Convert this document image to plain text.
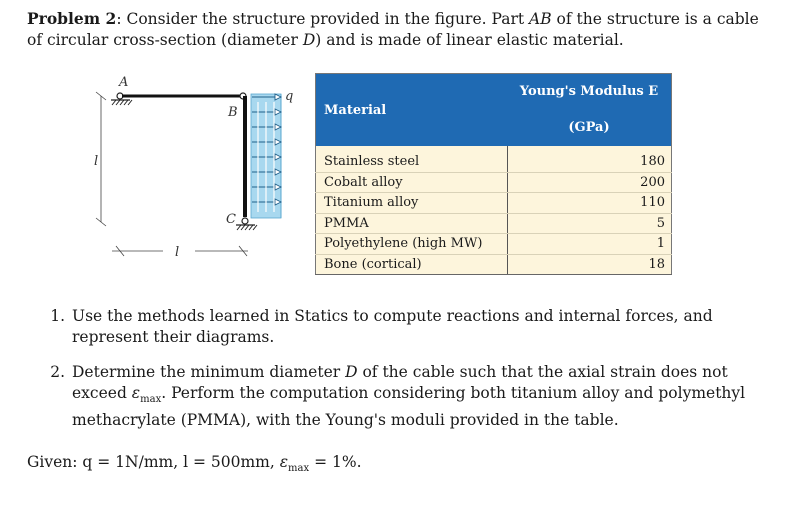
Problem 2: Consider the structure provided in the figure. Part AB of the structure is a cable of circular cross-section (diameter D) and is made of linear elastic material.
A
B
C
q
l
l
Material	Young's Modulus E
(GPa)

Stainless steel	180
Cobalt alloy	200
Titanium alloy	110
PMMA	5
Polyethylene (high MW)	1
Bone (cortical)	18
1. Use the methods learned in Statics to compute reactions and internal forces, and represent their diagrams.
2. Determine the minimum diameter D of the cable such that the axial strain does not exceed $\varepsilon_{max}$. Perform the computation considering both titanium alloy and polymethyl methacrylate (PMMA), with the Young's moduli provided in the table.
Given: q = 1N/mm, l = 500mm, $\varepsilon_{max} = 1\%$.
